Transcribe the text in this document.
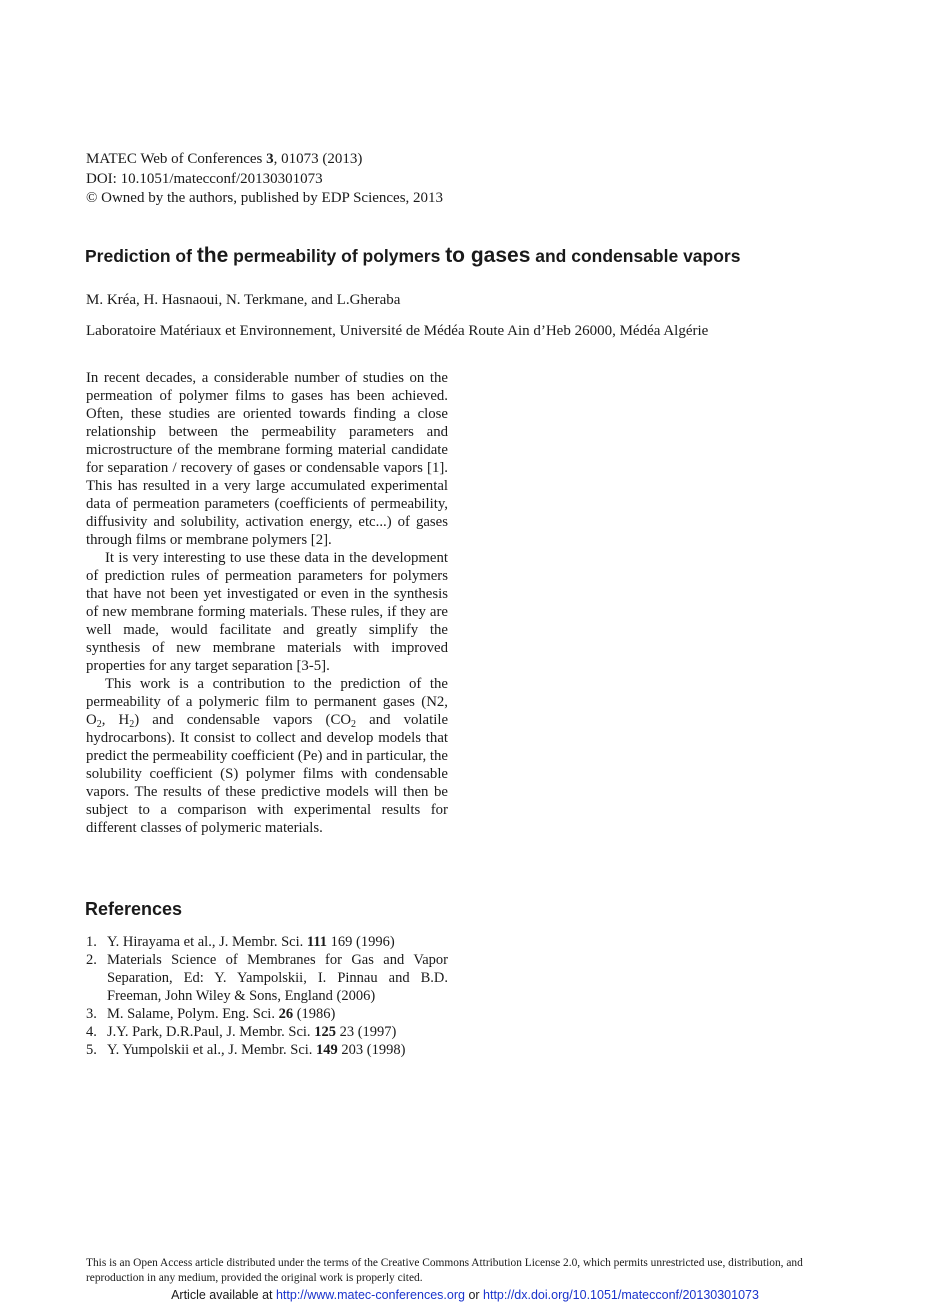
MATEC Web of Conferences 3, 01073 (2013)
DOI: 10.1051/matecconf/20130301073
© Owned by the authors, published by EDP Sciences, 2013
Prediction of the permeability of polymers to gases and condensable vapors
M. Kréa, H. Hasnaoui, N. Terkmane, and L.Gheraba
Laboratoire Matériaux et Environnement, Université de Médéa Route Ain d’Heb 26000, Médéa Algérie

In recent decades, a considerable number of studies on the permeation of polymer films to gases has been achieved. Often, these studies are oriented towards finding a close relationship between the permeability parameters and microstructure of the membrane forming material candidate for separation / recovery of gases or condensable vapors [1]. This has resulted in a very large accumulated experimental data of permeation parameters (coefficients of permeability, diffusivity and solubility, activation energy, etc...) of gases through films or membrane polymers [2].

It is very interesting to use these data in the development of prediction rules of permeation parameters for polymers that have not been yet investigated or even in the synthesis of new membrane forming materials. These rules, if they are well made, would facilitate and greatly simplify the synthesis of new membrane materials with improved properties for any target separation [3-5].

This work is a contribution to the prediction of the permeability of a polymeric film to permanent gases (N2, $O_2$, $H_2$) and condensable vapors ($CO_2$ and volatile hydrocarbons). It consist to collect and develop models that predict the permeability coefficient (Pe) and in particular, the solubility coefficient (S) polymer films with condensable vapors. The results of these predictive models will then be subject to a comparison with experimental results for different classes of polymeric materials.

References
1. Y. Hirayama et al., J. Membr. Sci. 111 169 (1996)
2. Materials Science of Membranes for Gas and Vapor Separation, Ed: Y. Yampolskii, I. Pinnau and B.D. Freeman, John Wiley & Sons, England (2006)
3. M. Salame, Polym. Eng. Sci. 26 (1986)
4. J.Y. Park, D.R.Paul, J. Membr. Sci. 125 23 (1997)
5. Y. Yumpolskii et al., J. Membr. Sci. 149 203 (1998)
This is an Open Access article distributed under the terms of the Creative Commons Attribution License 2.0, which permits unrestricted use, distribution, and reproduction in any medium, provided the original work is properly cited.
Article available at http://www.matec-conferences.org or http://dx.doi.org/10.1051/matecconf/20130301073
